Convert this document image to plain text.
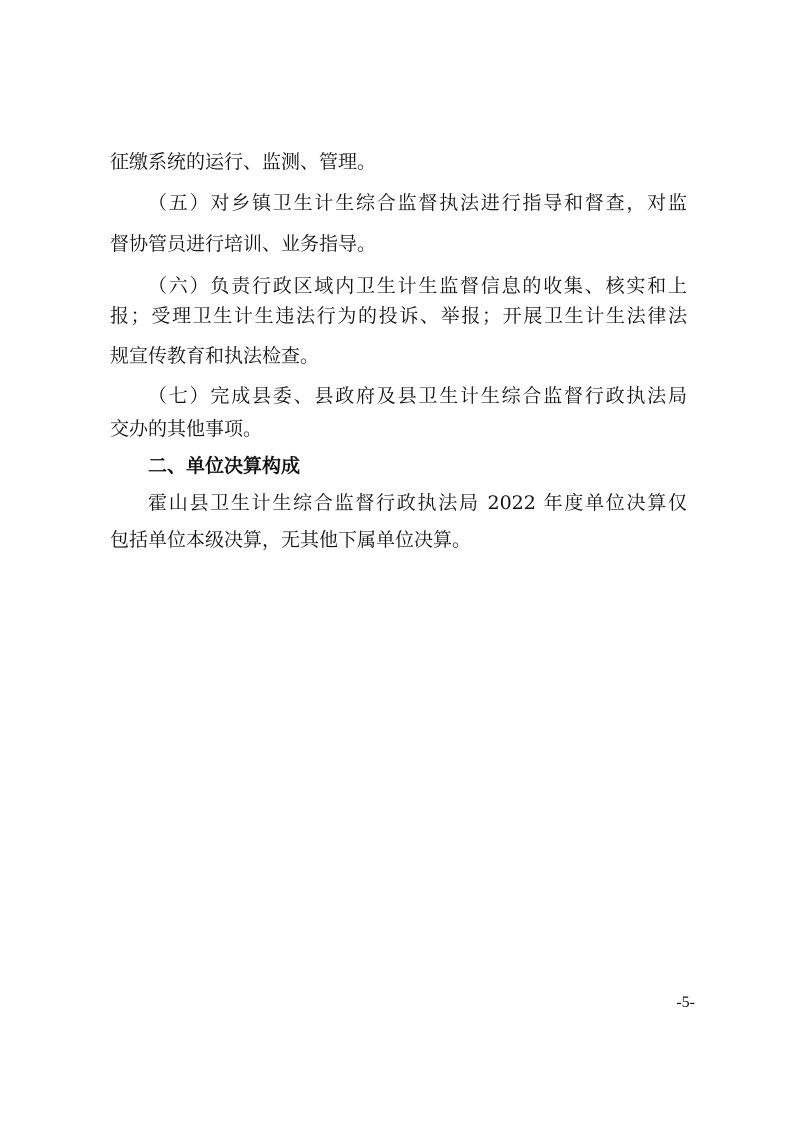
征缴系统的运行、监测、管理。
（五）对乡镇卫生计生综合监督执法进行指导和督查，对监
督协管员进行培训、业务指导。
（六）负责行政区域内卫生计生监督信息的收集、核实和上
报；受理卫生计生违法行为的投诉、举报；开展卫生计生法律法
规宣传教育和执法检查。
（七）完成县委、县政府及县卫生计生综合监督行政执法局
交办的其他事项。
二、单位决算构成
霍山县卫生计生综合监督行政执法局 2022 年度单位决算仅
包括单位本级决算，无其他下属单位决算。
-5-
